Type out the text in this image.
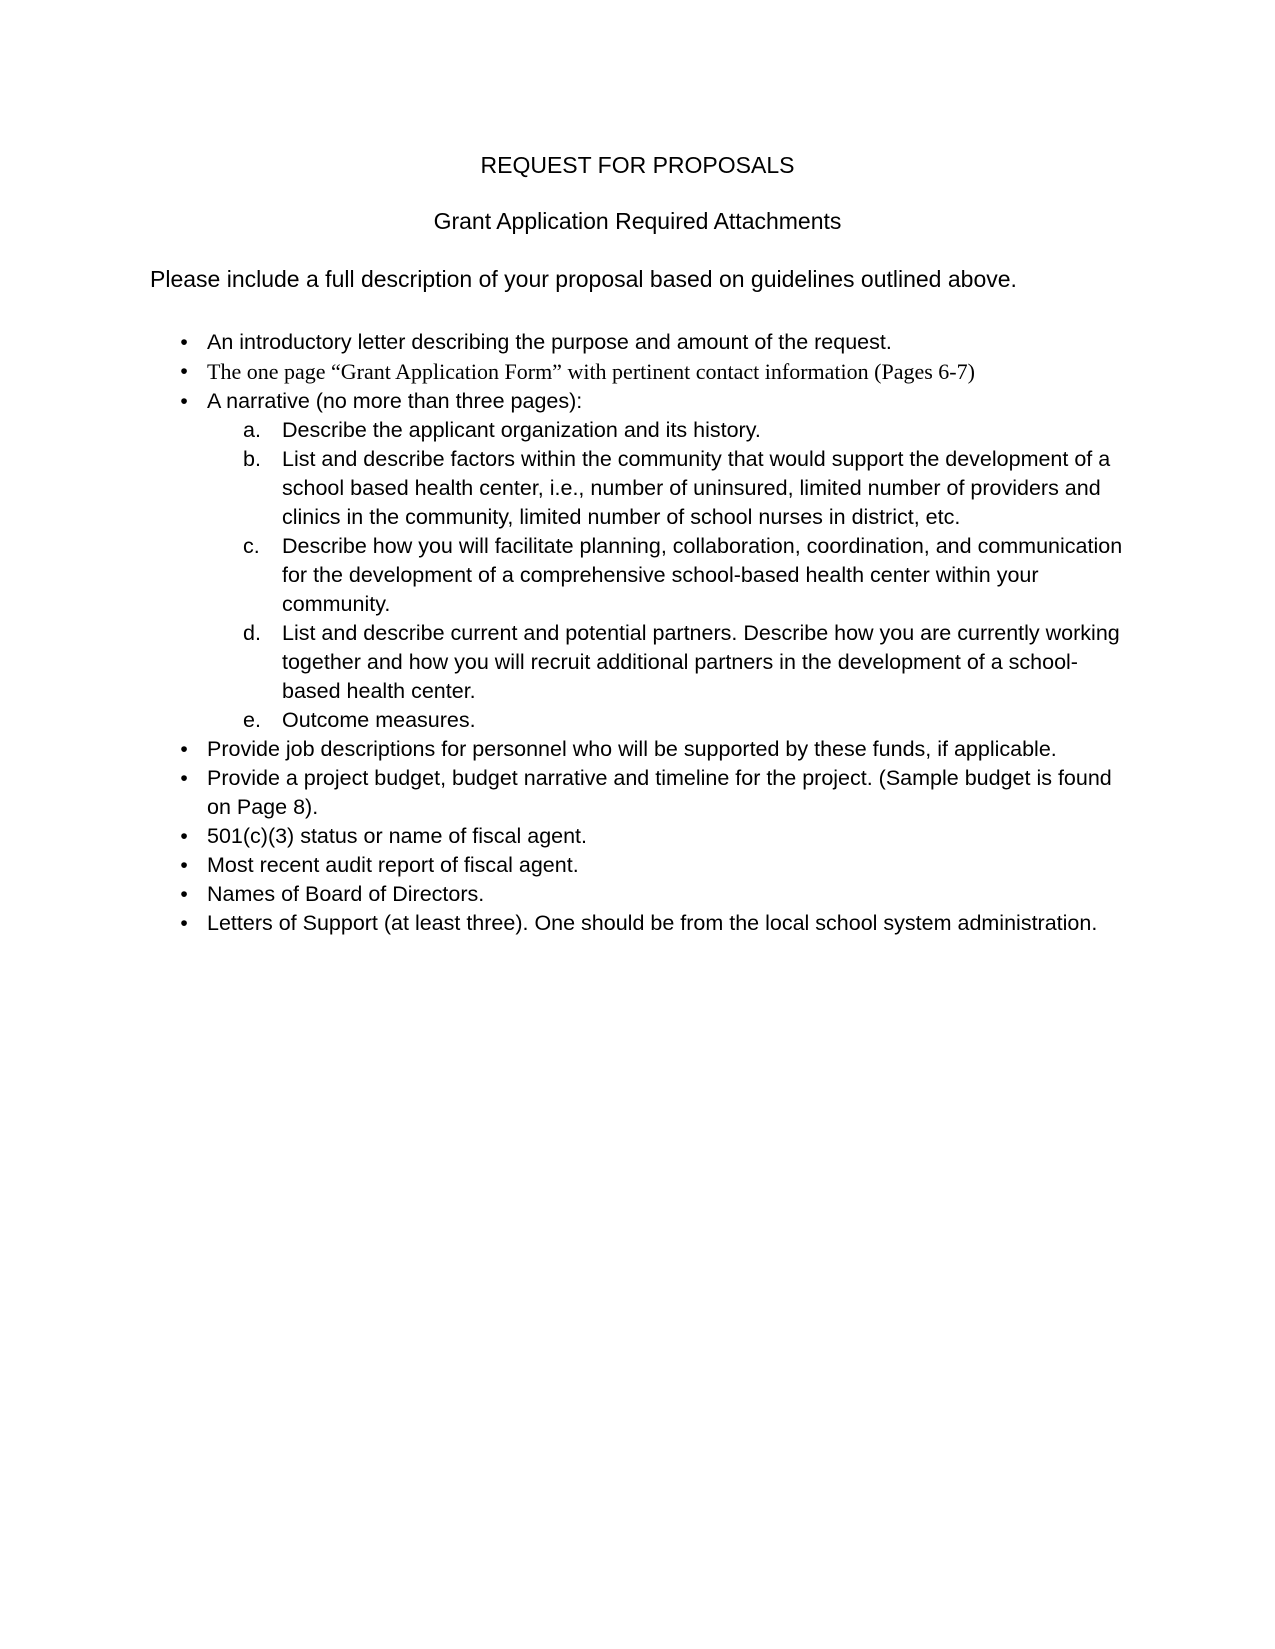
REQUEST FOR PROPOSALS
Grant Application Required Attachments

Please include a full description of your proposal based on guidelines outlined above.

•
An introductory letter describing the purpose and amount of the request.
•
The one page “Grant Application Form” with pertinent contact information (Pages 6-7)
•
A narrative (no more than three pages):
a. Describe the applicant organization and its history.
b. List and describe factors within the community that would support the development of a school based health center, i.e., number of uninsured, limited number of providers and clinics in the community, limited number of school nurses in district, etc.
c. Describe how you will facilitate planning, collaboration, coordination, and communication for the development of a comprehensive school-based health center within your community.
d. List and describe current and potential partners. Describe how you are currently working together and how you will recruit additional partners in the development of a school-based health center.
e. Outcome measures.
•
Provide job descriptions for personnel who will be supported by these funds, if applicable.
•
Provide a project budget, budget narrative and timeline for the project. (Sample budget is found on Page 8).
•
501(c)(3) status or name of fiscal agent.
•
Most recent audit report of fiscal agent.
•
Names of Board of Directors.
•
Letters of Support (at least three). One should be from the local school system administration.
